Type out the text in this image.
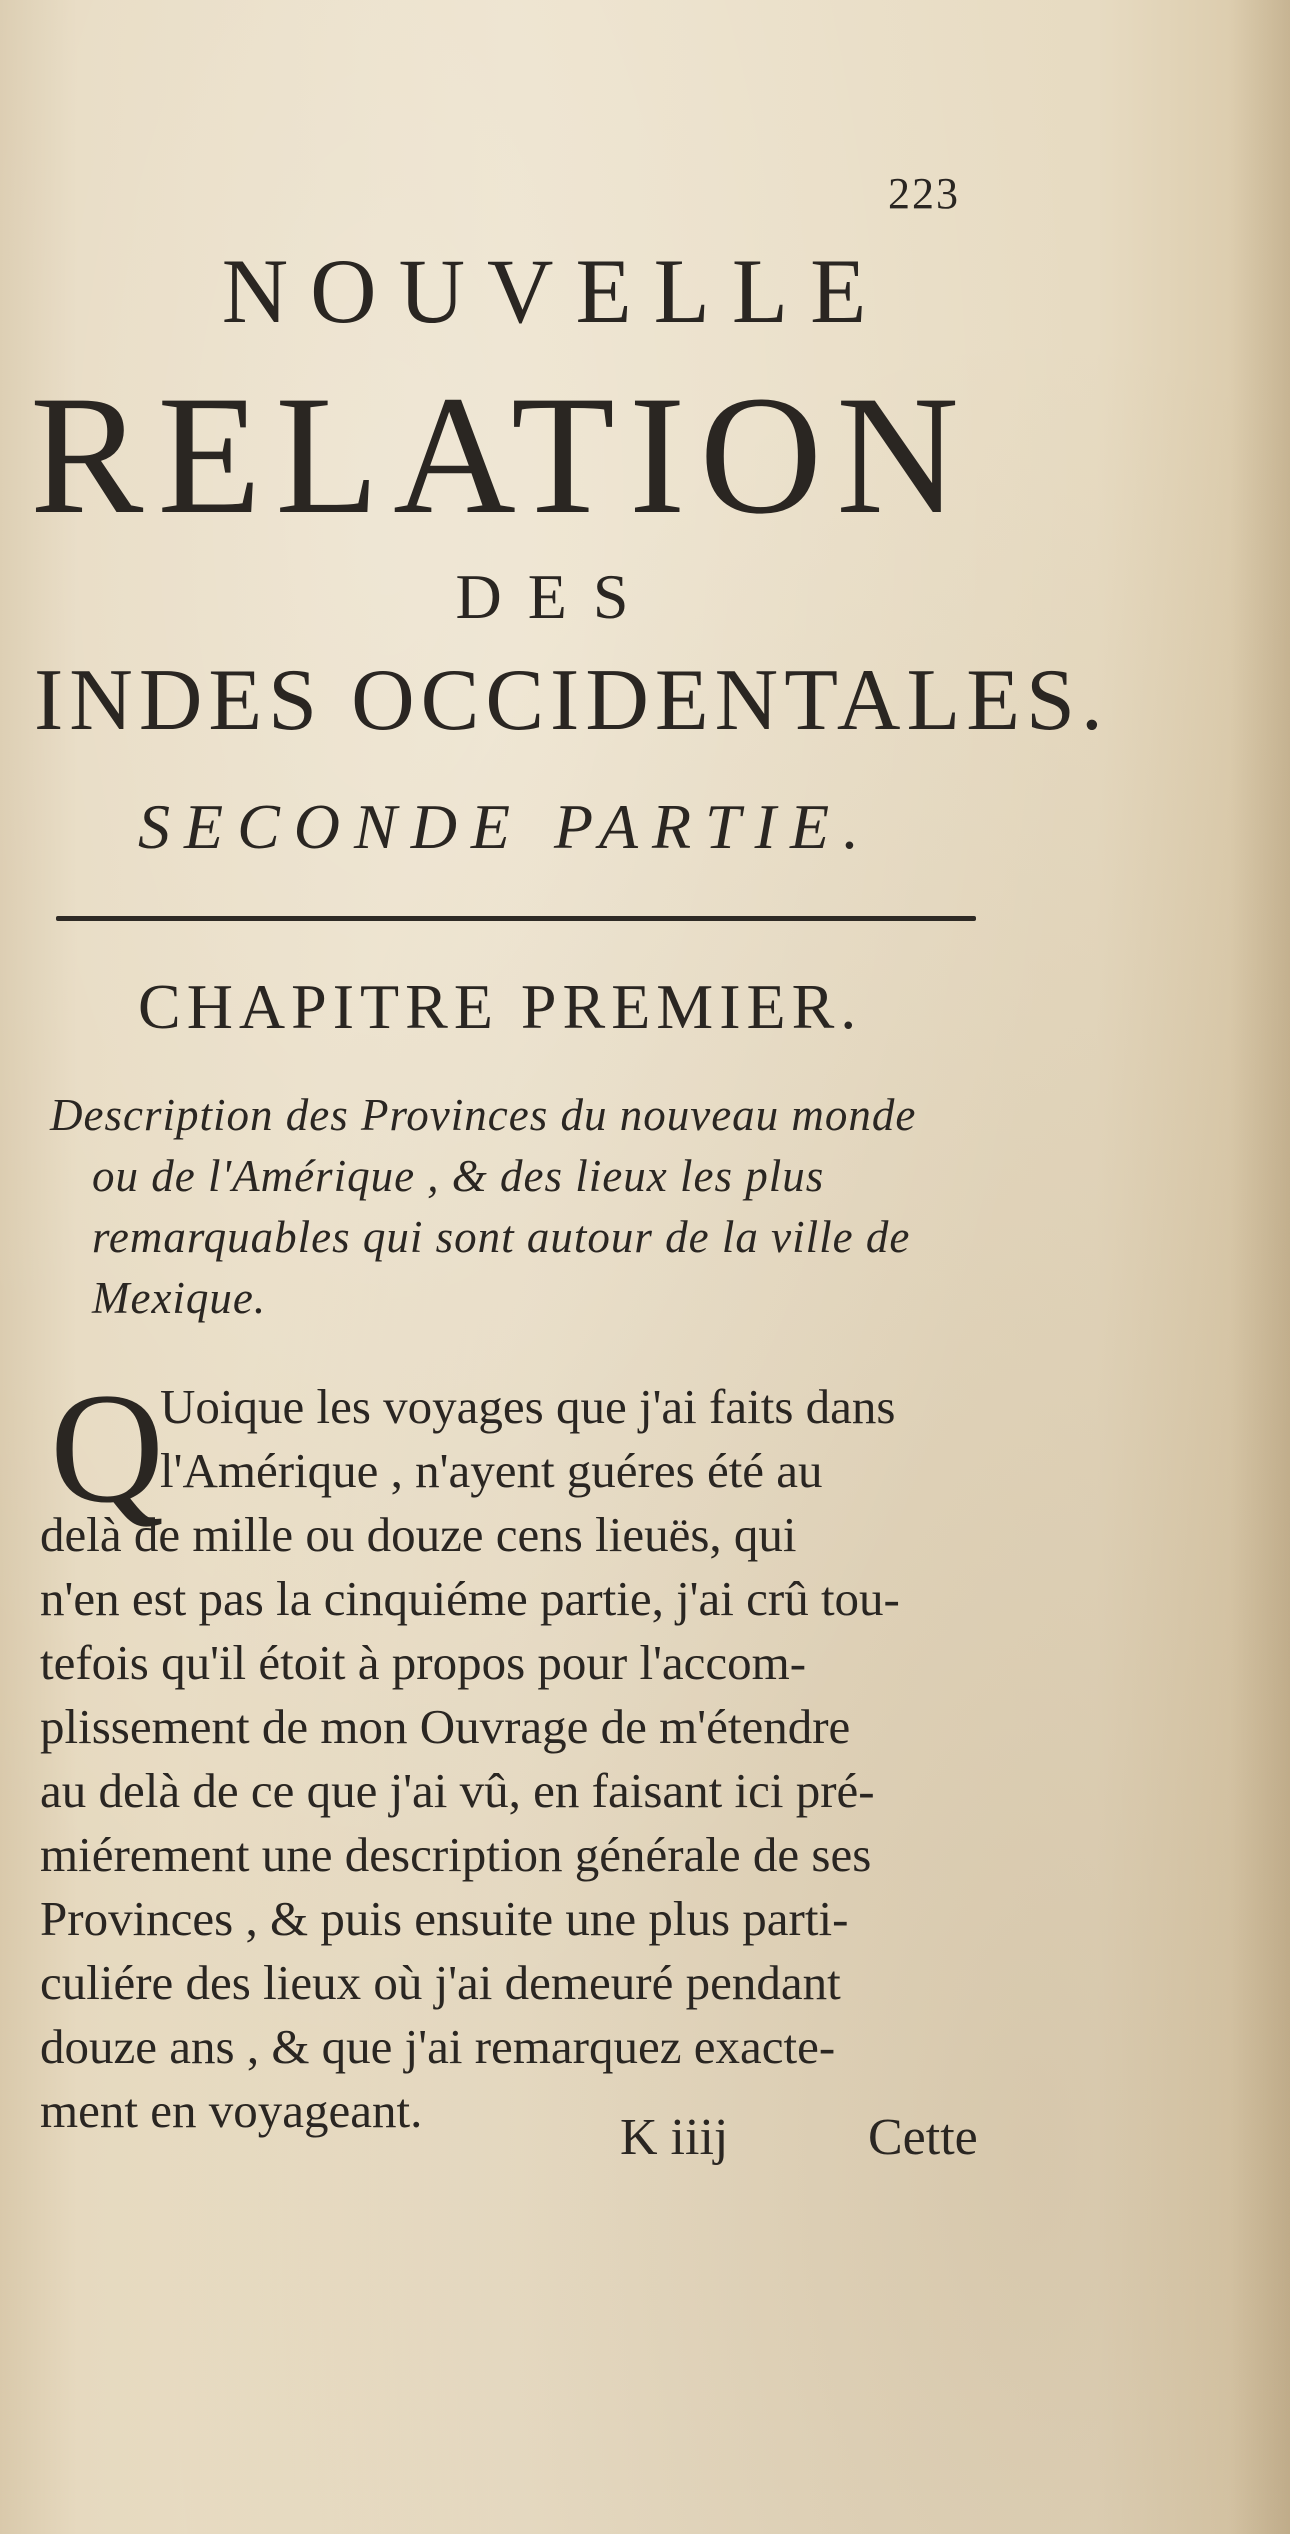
223
NOUVELLE
RELATION
DES
INDES OCCIDENTALES.
SECONDE PARTIE.
CHAPITRE PREMIER.
Description des Provinces du nouveau monde
ou de l'Amérique , & des lieux les plus
remarquables qui sont autour de la ville de
Mexique.
Q
Uoique les voyages que j'ai faits dans
l'Amérique , n'ayent guéres été au
delà de mille ou douze cens lieuës, qui
n'en est pas la cinquiéme partie, j'ai crû tou-
tefois qu'il étoit à propos pour l'accom-
plissement de mon Ouvrage de m'étendre
au delà de ce que j'ai vû, en faisant ici pré-
miérement une description générale de ses
Provinces , & puis ensuite une plus parti-
culiére des lieux où j'ai demeuré pendant
douze ans , & que j'ai remarquez exacte-
ment en voyageant.	K iiij	Cette
